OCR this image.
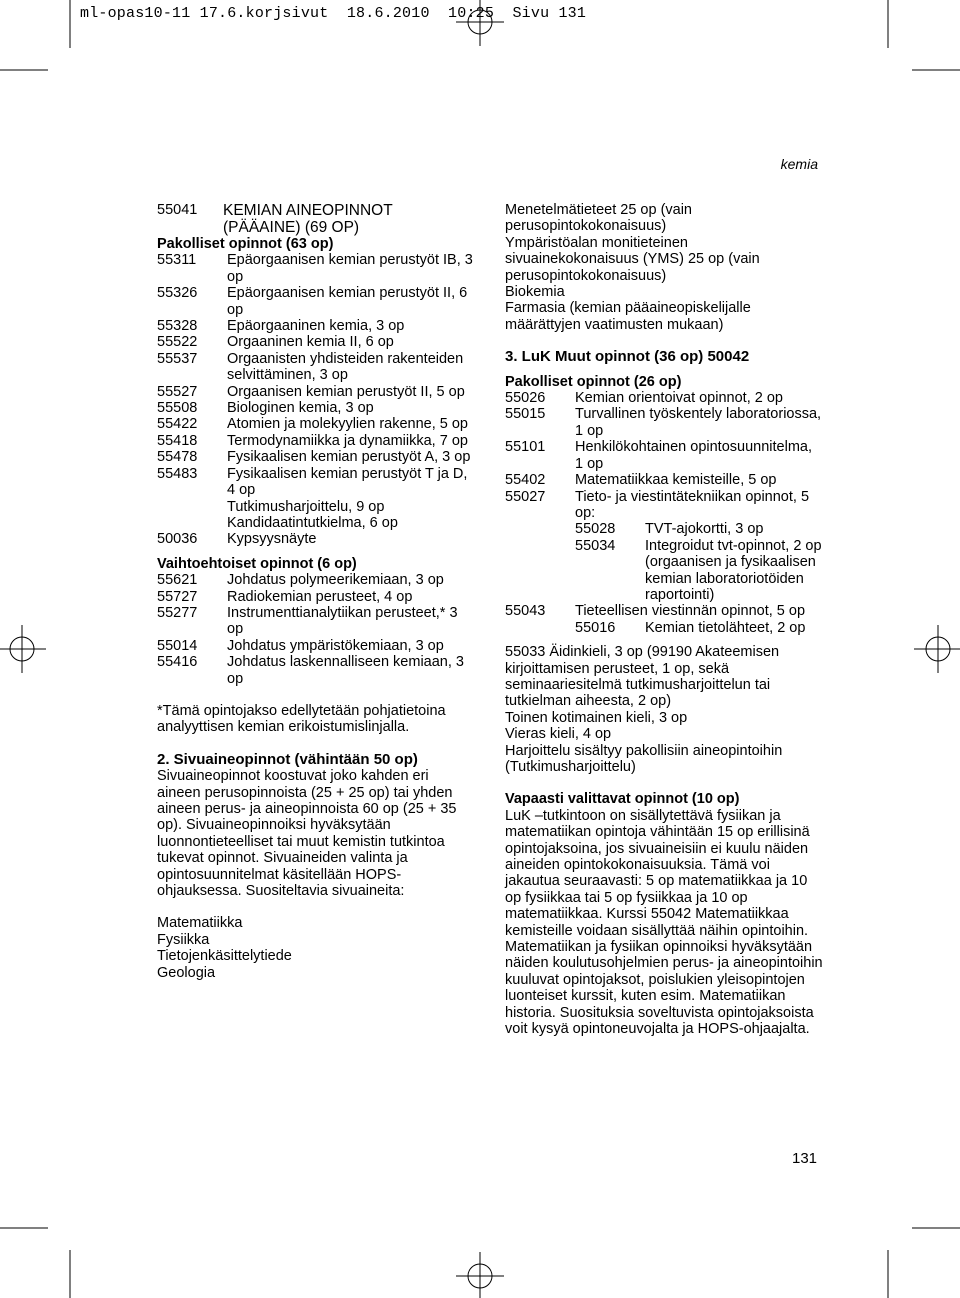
ml-opas10-11 17.6.korjsivut  18.6.2010  10:25  Sivu 131
kemia
55041	KEMIAN AINEOPINNOT
(PÄÄAINE) (69 OP)
Pakolliset opinnot (63 op)
55311	Epäorgaanisen kemian perustyöt IB, 3 op
55326	Epäorgaanisen kemian perustyöt II, 6 op
55328	Epäorgaaninen kemia, 3 op
55522	Orgaaninen kemia II, 6 op
55537	Orgaanisten yhdisteiden rakenteiden selvittäminen, 3 op
55527	Orgaanisen kemian perustyöt II, 5 op
55508	Biologinen kemia, 3 op
55422	Atomien ja molekyylien rakenne, 5 op
55418	Termodynamiikka ja dynamiikka, 7 op
55478	Fysikaalisen kemian perustyöt A, 3 op
55483	Fysikaalisen kemian perustyöt T ja D, 4 op
Tutkimusharjoittelu, 9 op
Kandidaatintutkielma, 6 op
50036	Kypsyysnäyte
Vaihtoehtoiset opinnot (6 op)
55621	Johdatus polymeerikemiaan, 3 op
55727	Radiokemian perusteet, 4 op
55277	Instrumenttianalytiikan perusteet,* 3 op
55014	Johdatus ympäristökemiaan, 3 op
55416	Johdatus laskennalliseen kemiaan, 3 op
*Tämä opintojakso edellytetään pohjatietoina analyyttisen kemian erikoistumislinjalla.
2. Sivuaineopinnot (vähintään 50 op)
Sivuaineopinnot koostuvat joko kahden eri aineen perusopinnoista (25 + 25 op) tai yhden aineen perus- ja aineopinnoista 60 op (25 + 35 op). Sivuaineopinnoiksi hyväksytään luonnontieteelliset tai muut kemistin tutkintoa tukevat opinnot. Sivuaineiden valinta ja opintosuunnitelmat käsitellään HOPS-ohjauksessa. Suositeltavia sivuaineita:
Matematiikka
Fysiikka
Tietojenkäsittelytiede
Geologia
Menetelmätieteet 25 op (vain perusopintokokonaisuus)
Ympäristöalan monitieteinen sivuainekokonaisuus (YMS) 25 op (vain perusopintokokonaisuus)
Biokemia
Farmasia (kemian pääaineopiskelijalle määrättyjen vaatimusten mukaan)
3. LuK Muut opinnot (36 op) 50042
Pakolliset opinnot (26 op)
55026	Kemian orientoivat opinnot, 2 op
55015	Turvallinen työskentely laboratoriossa, 1 op
55101	Henkilökohtainen opintosuunnitelma, 1 op
55402	Matematiikkaa kemisteille, 5 op
55027	Tieto- ja viestintätekniikan opinnot, 5 op:
55028	TVT-ajokortti, 3 op
55034	Integroidut tvt-opinnot, 2 op (orgaanisen ja fysikaalisen kemian laboratoriotöiden raportointi)
55043	Tieteellisen viestinnän opinnot, 5 op
55016	Kemian tietolähteet, 2 op
55033 Äidinkieli, 3 op (99190 Akateemisen kirjoittamisen perusteet, 1 op, sekä seminaariesitelmä tutkimusharjoittelun tai tutkielman aiheesta, 2 op)
Toinen kotimainen kieli, 3 op
Vieras kieli, 4 op
Harjoittelu sisältyy pakollisiin aineopintoihin (Tutkimusharjoittelu)
Vapaasti valittavat opinnot (10 op)
LuK –tutkintoon on sisällytettävä fysiikan ja matematiikan opintoja vähintään 15 op erillisinä opintojaksoina, jos sivuaineisiin ei kuulu näiden aineiden opintokokonaisuuksia. Tämä voi jakautua seuraavasti: 5 op matematiikkaa ja 10 op fysiikkaa tai 5 op fysiikkaa ja 10 op matematiikkaa. Kurssi 55042 Matematiikkaa kemisteille voidaan sisällyttää näihin opintoihin. Matematiikan ja fysiikan opinnoiksi hyväksytään näiden koulutusohjelmien perus- ja aineopintoihin kuuluvat opintojaksot, poislukien yleisopintojen luonteiset kurssit, kuten esim. Matematiikan historia. Suosituksia soveltuvista opintojaksoista voit kysyä opintoneuvojalta ja HOPS-ohjaajalta.
131
